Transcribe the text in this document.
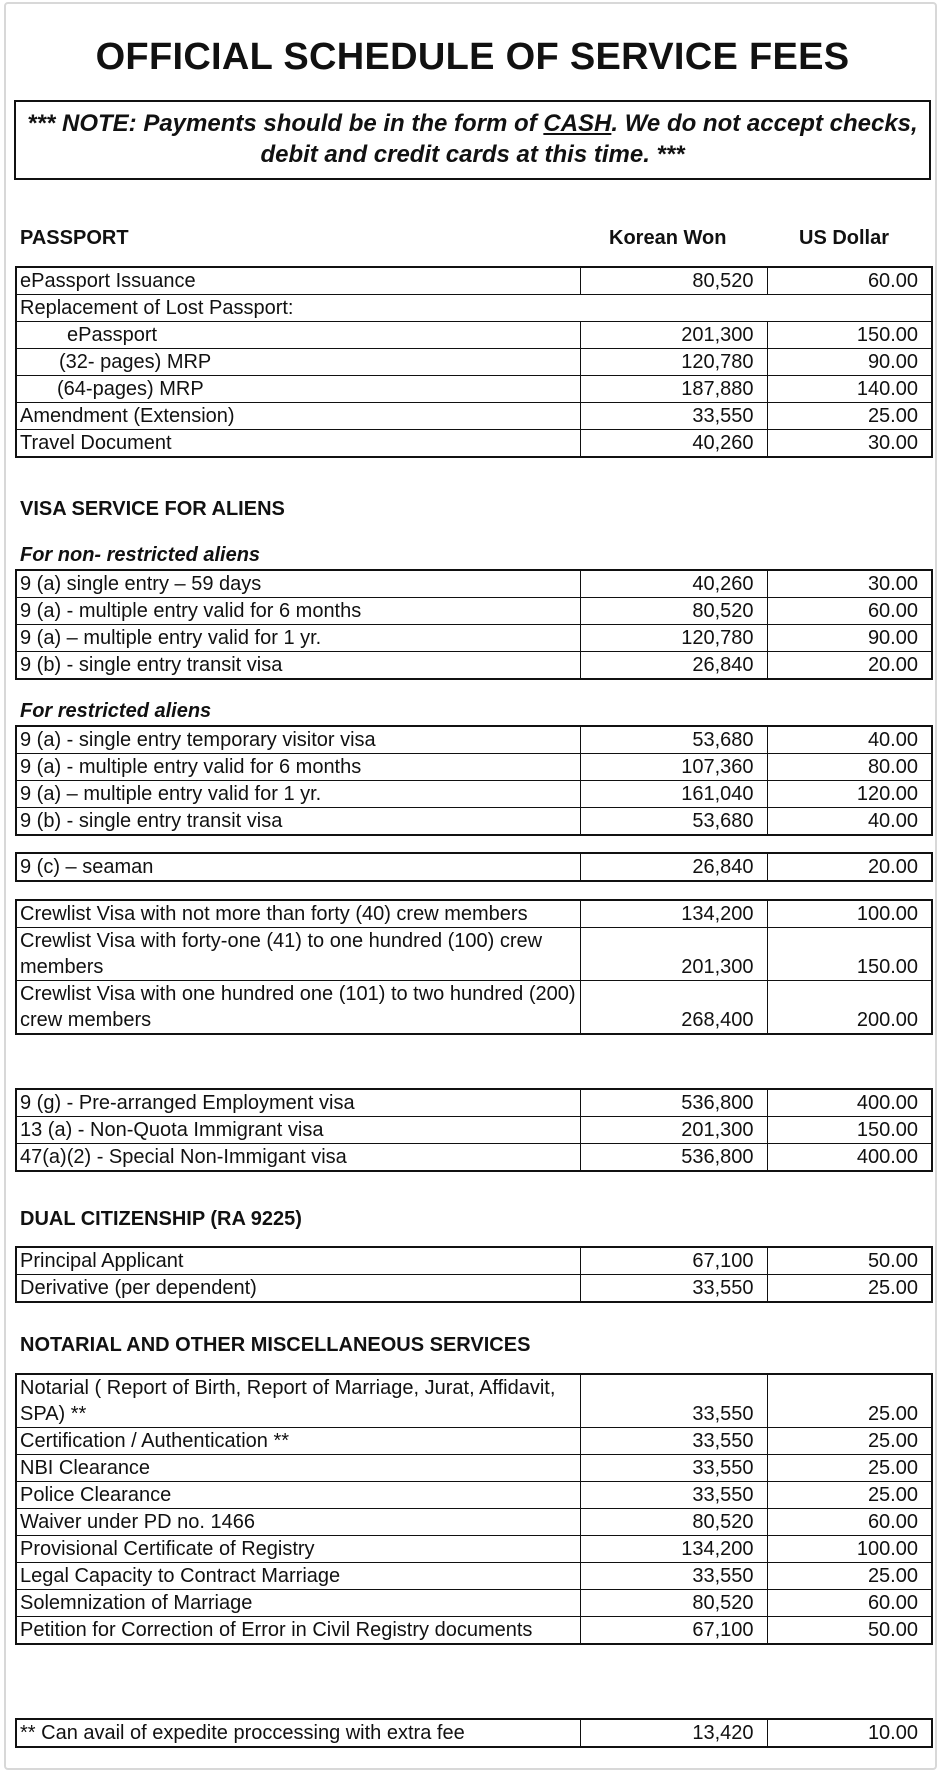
OFFICIAL SCHEDULE OF SERVICE FEES
*** NOTE: Payments should be in the form of CASH. We do not accept checks, debit and credit cards at this time. ***
PASSPORT	Korean Won	US Dollar
ePassport Issuance	80,520	60.00
Replacement of Lost Passport:		
ePassport	201,300	150.00
(32- pages) MRP	120,780	90.00
(64-pages) MRP	187,880	140.00
Amendment (Extension)	33,550	25.00
Travel Document	40,260	30.00
VISA SERVICE FOR ALIENS
For non- restricted aliens
9 (a) single entry – 59 days	40,260	30.00
9 (a) - multiple entry valid for 6 months	80,520	60.00
9 (a) – multiple entry valid for 1 yr.	120,780	90.00
9 (b) - single entry transit visa	26,840	20.00
For restricted aliens
9 (a) - single entry temporary visitor visa	53,680	40.00
9 (a) - multiple entry valid for 6 months	107,360	80.00
9 (a) – multiple entry valid for 1 yr.	161,040	120.00
9 (b) - single entry transit visa	53,680	40.00
9 (c) – seaman	26,840	20.00
Crewlist Visa with not more than forty (40) crew members	134,200	100.00
Crewlist Visa with forty-one (41) to one hundred (100) crew members	201,300	150.00
Crewlist Visa with one hundred one (101) to two hundred (200) crew members	268,400	200.00
9 (g) - Pre-arranged Employment visa	536,800	400.00
13 (a) - Non-Quota Immigrant visa	201,300	150.00
47(a)(2) - Special Non-Immigant visa	536,800	400.00
DUAL CITIZENSHIP (RA 9225)
Principal Applicant	67,100	50.00
Derivative (per dependent)	33,550	25.00
NOTARIAL AND OTHER MISCELLANEOUS SERVICES
Notarial ( Report of Birth, Report of Marriage, Jurat, Affidavit, SPA) **	33,550	25.00
Certification / Authentication **	33,550	25.00
NBI Clearance	33,550	25.00
Police Clearance	33,550	25.00
Waiver under PD no. 1466	80,520	60.00
Provisional Certificate of Registry	134,200	100.00
Legal Capacity to Contract Marriage	33,550	25.00
Solemnization of Marriage	80,520	60.00
Petition for Correction of Error in Civil Registry documents	67,100	50.00
** Can avail of expedite proccessing with extra fee	13,420	10.00
